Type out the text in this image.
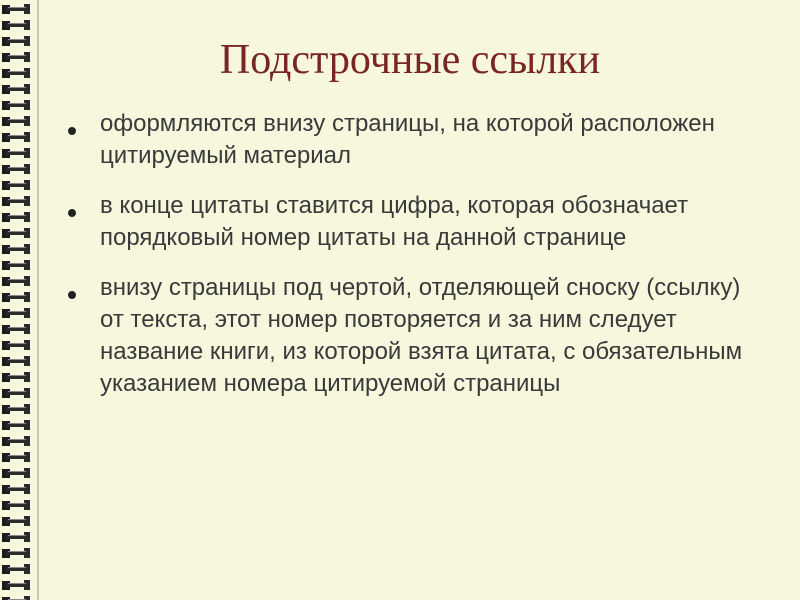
Подстрочные ссылки
оформляются внизу страницы, на которой расположен цитируемый материал
в конце цитаты ставится цифра, которая обозначает порядковый номер цитаты на данной странице
внизу страницы под чертой, отделяющей сноску (ссылку) от текста, этот номер повторяется и за ним следует название книги, из которой взята цитата, с обязательным указанием номера цитируемой страницы
